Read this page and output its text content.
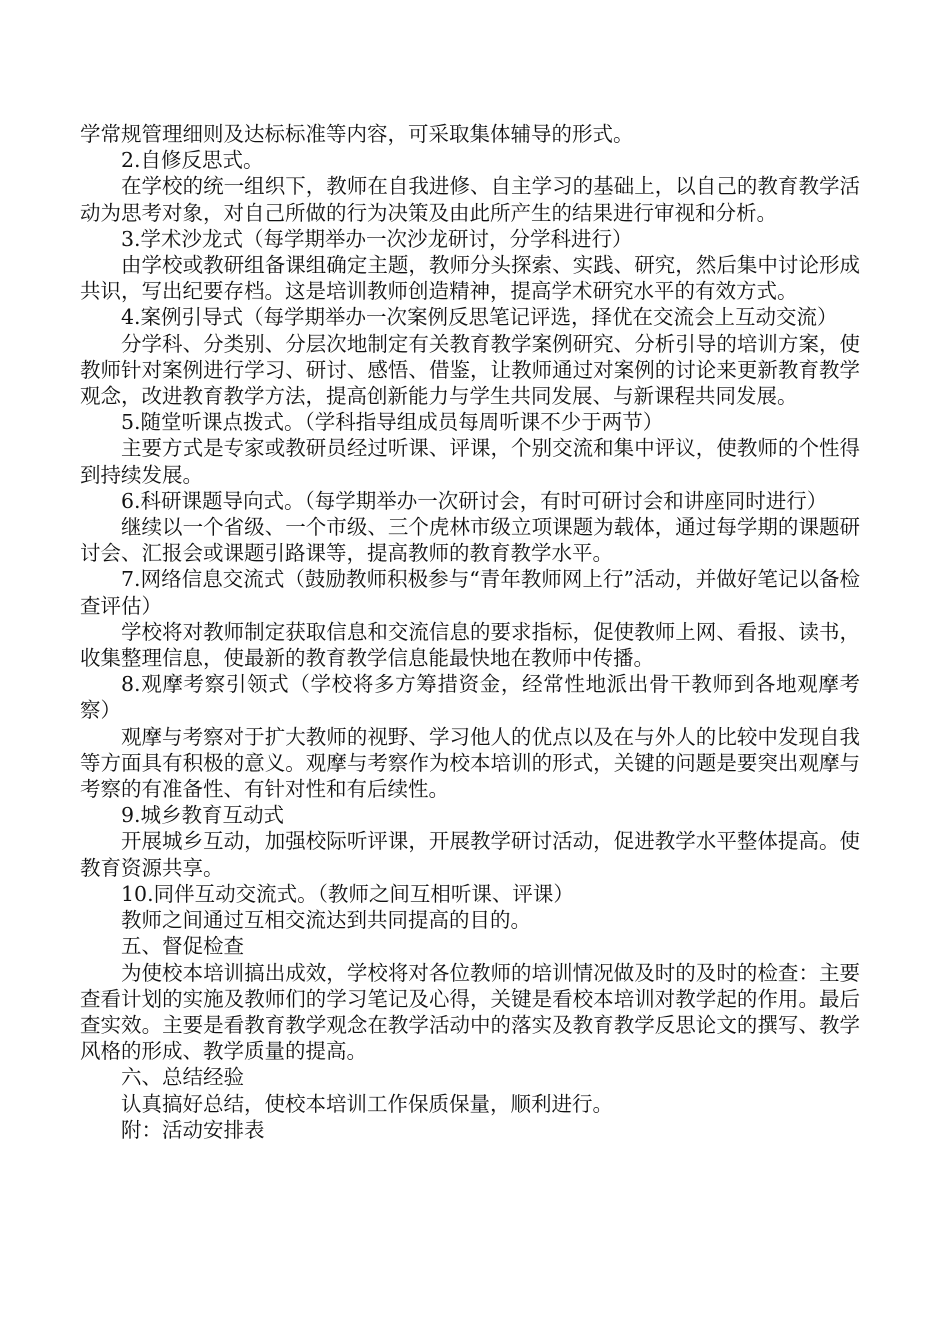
学常规管理细则及达标标准等内容，可采取集体辅导的形式。

2.自修反思式。

在学校的统一组织下，教师在自我进修、自主学习的基础上，以自己的教育教学活动为思考对象，对自己所做的行为决策及由此所产生的结果进行审视和分析。

3.学术沙龙式（每学期举办一次沙龙研讨，分学科进行）

由学校或教研组备课组确定主题，教师分头探索、实践、研究，然后集中讨论形成共识，写出纪要存档。这是培训教师创造精神，提高学术研究水平的有效方式。

4.案例引导式（每学期举办一次案例反思笔记评选，择优在交流会上互动交流）

分学科、分类别、分层次地制定有关教育教学案例研究、分析引导的培训方案，使教师针对案例进行学习、研讨、感悟、借鉴，让教师通过对案例的讨论来更新教育教学观念，改进教育教学方法，提高创新能力与学生共同发展、与新课程共同发展。

5.随堂听课点拨式。（学科指导组成员每周听课不少于两节）

主要方式是专家或教研员经过听课、评课，个别交流和集中评议，使教师的个性得到持续发展。

6.科研课题导向式。（每学期举办一次研讨会，有时可研讨会和讲座同时进行）

继续以一个省级、一个市级、三个虎林市级立项课题为载体，通过每学期的课题研讨会、汇报会或课题引路课等，提高教师的教育教学水平。

7.网络信息交流式（鼓励教师积极参与“青年教师网上行”活动，并做好笔记以备检查评估）

学校将对教师制定获取信息和交流信息的要求指标，促使教师上网、看报、读书，收集整理信息，使最新的教育教学信息能最快地在教师中传播。

8.观摩考察引领式（学校将多方筹措资金，经常性地派出骨干教师到各地观摩考察）

观摩与考察对于扩大教师的视野、学习他人的优点以及在与外人的比较中发现自我等方面具有积极的意义。观摩与考察作为校本培训的形式，关键的问题是要突出观摩与考察的有准备性、有针对性和有后续性。

9.城乡教育互动式

开展城乡互动，加强校际听评课，开展教学研讨活动，促进教学水平整体提高。使教育资源共享。

10.同伴互动交流式。（教师之间互相听课、评课）

教师之间通过互相交流达到共同提高的目的。

五、督促检查

为使校本培训搞出成效，学校将对各位教师的培训情况做及时的及时的检查：主要查看计划的实施及教师们的学习笔记及心得，关键是看校本培训对教学起的作用。最后查实效。主要是看教育教学观念在教学活动中的落实及教育教学反思论文的撰写、教学风格的形成、教学质量的提高。

六、总结经验

认真搞好总结，使校本培训工作保质保量，顺利进行。

附：活动安排表
